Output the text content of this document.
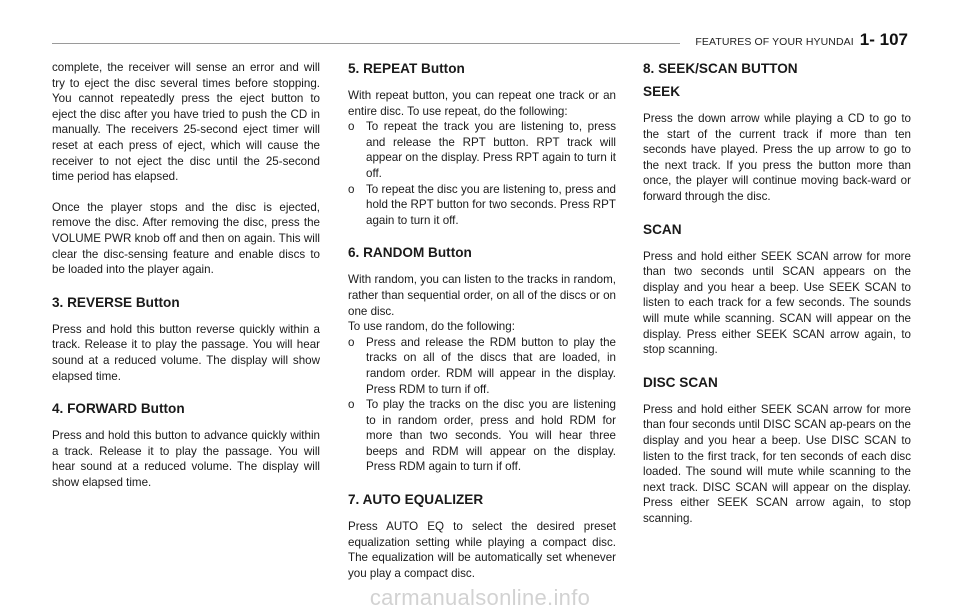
FEATURES OF YOUR HYUNDAI 1- 107

complete, the receiver will sense an error and will try to eject the disc several times before stopping. You cannot repeatedly press the eject button to eject the disc after you have tried to push the CD in manually. The receivers 25-second eject timer will reset at each press of eject, which will cause the receiver to not eject the disc until the 25-second time period has elapsed.

Once the player stops and the disc is ejected, remove the disc. After removing the disc, press the VOLUME PWR knob off and then on again. This will clear the disc-sensing feature and enable discs to be loaded into the player again.

3. REVERSE Button

Press and hold this button reverse quickly within a track. Release it to play the passage. You will hear sound at a reduced volume. The display will show elapsed time.

4. FORWARD Button

Press and hold this button to advance quickly within a track. Release it to play the passage. You will hear sound at a reduced volume. The display will show elapsed time.

5. REPEAT Button

With repeat button, you can repeat one track or an entire disc. To use repeat, do the following:

o To repeat the track you are listening to, press and release the RPT button. RPT track will appear on the display. Press RPT again to turn it off.
o To repeat the disc you are listening to, press and hold the RPT button for two seconds. Press RPT again to turn it off.
6. RANDOM Button

With random, you can listen to the tracks in random, rather than sequential order, on all of the discs or on one disc.

To use random, do the following:

o Press and release the RDM button to play the tracks on all of the discs that are loaded, in random order. RDM will appear in the display. Press RDM to turn if off.
o To play the tracks on the disc you are listening to in random order, press and hold RDM for more than two seconds. You will hear three beeps and RDM will appear on the display. Press RDM again to turn if off.
7. AUTO EQUALIZER

Press AUTO EQ to select the desired preset equalization setting while playing a compact disc. The equalization will be automatically set whenever you play a compact disc.

8. SEEK/SCAN BUTTON
SEEK

Press the down arrow while playing a CD to go to the start of the current track if more than ten seconds have played. Press the up arrow to go to the next track. If you press the button more than once, the player will continue moving back-ward or forward through the disc.

SCAN

Press and hold either SEEK SCAN arrow for more than two seconds until SCAN appears on the display and you hear a beep. Use SEEK SCAN to listen to each track for a few seconds. The sounds will mute while scanning. SCAN will appear on the display. Press either SEEK SCAN arrow again, to stop scanning.

DISC SCAN

Press and hold either SEEK SCAN arrow for more than four seconds until DISC SCAN ap-pears on the display and you hear a beep. Use DISC SCAN to listen to the first track, for ten seconds of each disc loaded. The sound will mute while scanning to the next track. DISC SCAN will appear on the display. Press either SEEK SCAN arrow again, to stop scanning.

carmanualsonline.info
